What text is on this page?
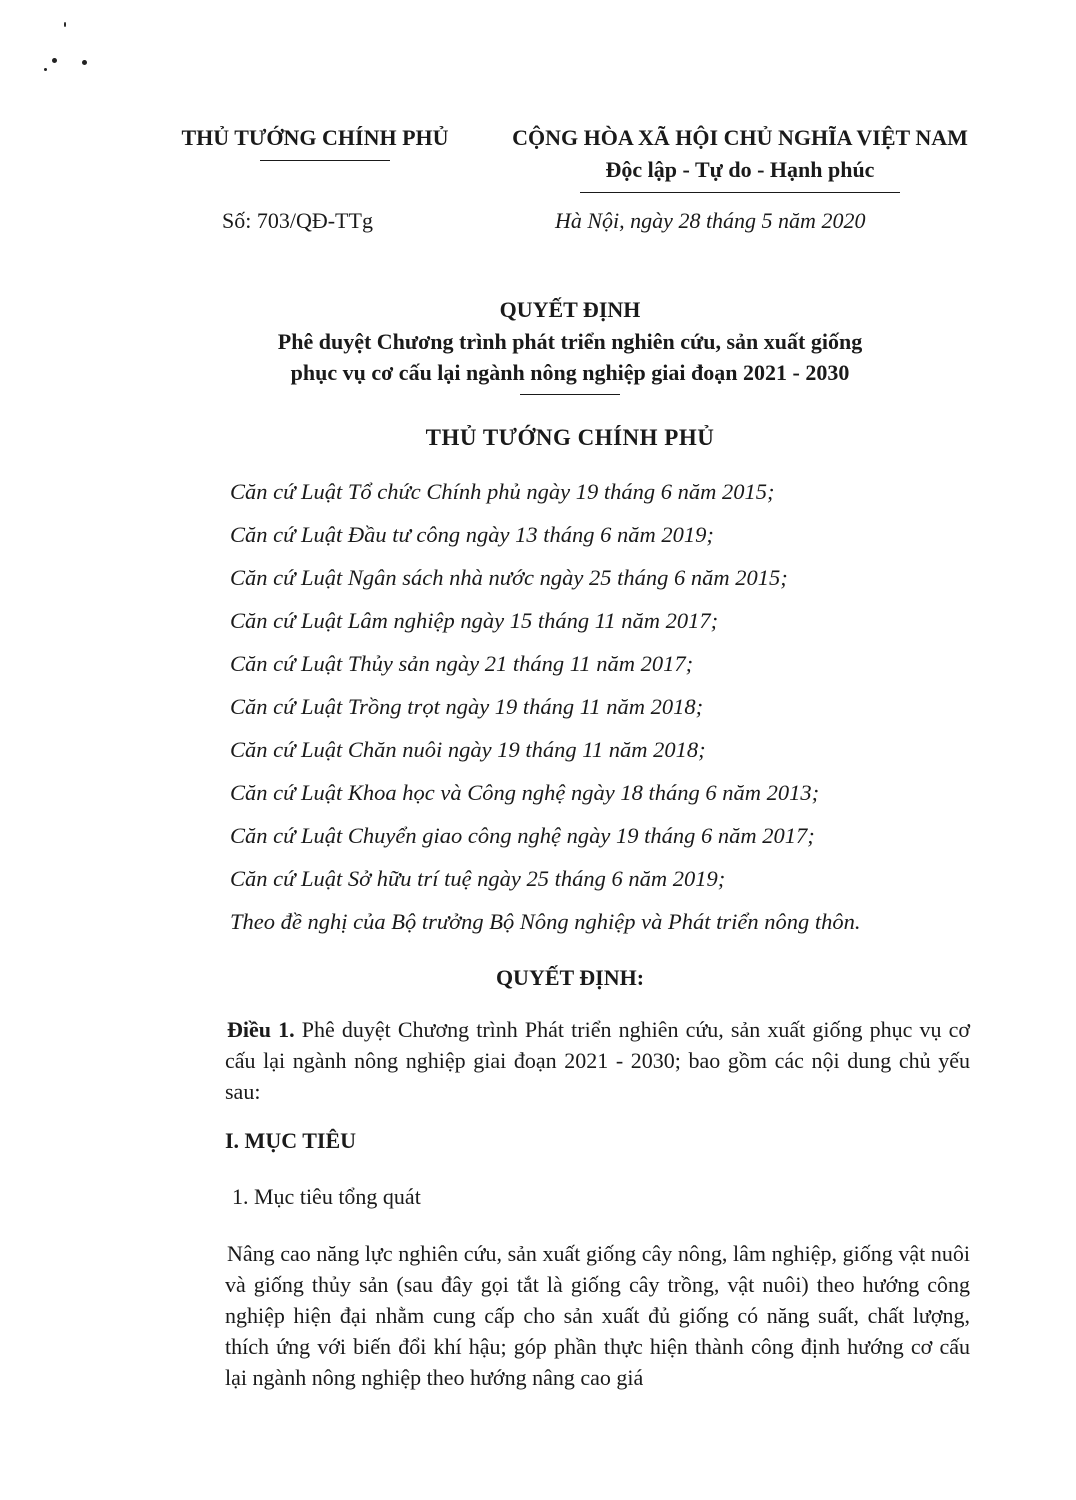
THỦ TƯỚNG CHÍNH PHỦ	CỘNG HÒA XÃ HỘI CHỦ NGHĨA VIỆT NAM
Độc lập - Tự do - Hạnh phúc
Số: 703/QĐ-TTg	Hà Nội, ngày 28 tháng 5 năm 2020
QUYẾT ĐỊNH
Phê duyệt Chương trình phát triển nghiên cứu, sản xuất giống
phục vụ cơ cấu lại ngành nông nghiệp giai đoạn 2021 - 2030
THỦ TƯỚNG CHÍNH PHỦ
Căn cứ Luật Tổ chức Chính phủ ngày 19 tháng 6 năm 2015;
Căn cứ Luật Đầu tư công ngày 13 tháng 6 năm 2019;
Căn cứ Luật Ngân sách nhà nước ngày 25 tháng 6 năm 2015;
Căn cứ Luật Lâm nghiệp ngày 15 tháng 11 năm 2017;
Căn cứ Luật Thủy sản ngày 21 tháng 11 năm 2017;
Căn cứ Luật Trồng trọt ngày 19 tháng 11 năm 2018;
Căn cứ Luật Chăn nuôi ngày 19 tháng 11 năm 2018;
Căn cứ Luật Khoa học và Công nghệ ngày 18 tháng 6 năm 2013;
Căn cứ Luật Chuyển giao công nghệ ngày 19 tháng 6 năm 2017;
Căn cứ Luật Sở hữu trí tuệ ngày 25 tháng 6 năm 2019;
Theo đề nghị của Bộ trưởng Bộ Nông nghiệp và Phát triển nông thôn.
QUYẾT ĐỊNH:
Điều 1. Phê duyệt Chương trình Phát triển nghiên cứu, sản xuất giống phục vụ cơ cấu lại ngành nông nghiệp giai đoạn 2021 - 2030; bao gồm các nội dung chủ yếu sau:
I. MỤC TIÊU
1. Mục tiêu tổng quát
Nâng cao năng lực nghiên cứu, sản xuất giống cây nông, lâm nghiệp, giống vật nuôi và giống thủy sản (sau đây gọi tắt là giống cây trồng, vật nuôi) theo hướng công nghiệp hiện đại nhằm cung cấp cho sản xuất đủ giống có năng suất, chất lượng, thích ứng với biến đổi khí hậu; góp phần thực hiện thành công định hướng cơ cấu lại ngành nông nghiệp theo hướng nâng cao giá
